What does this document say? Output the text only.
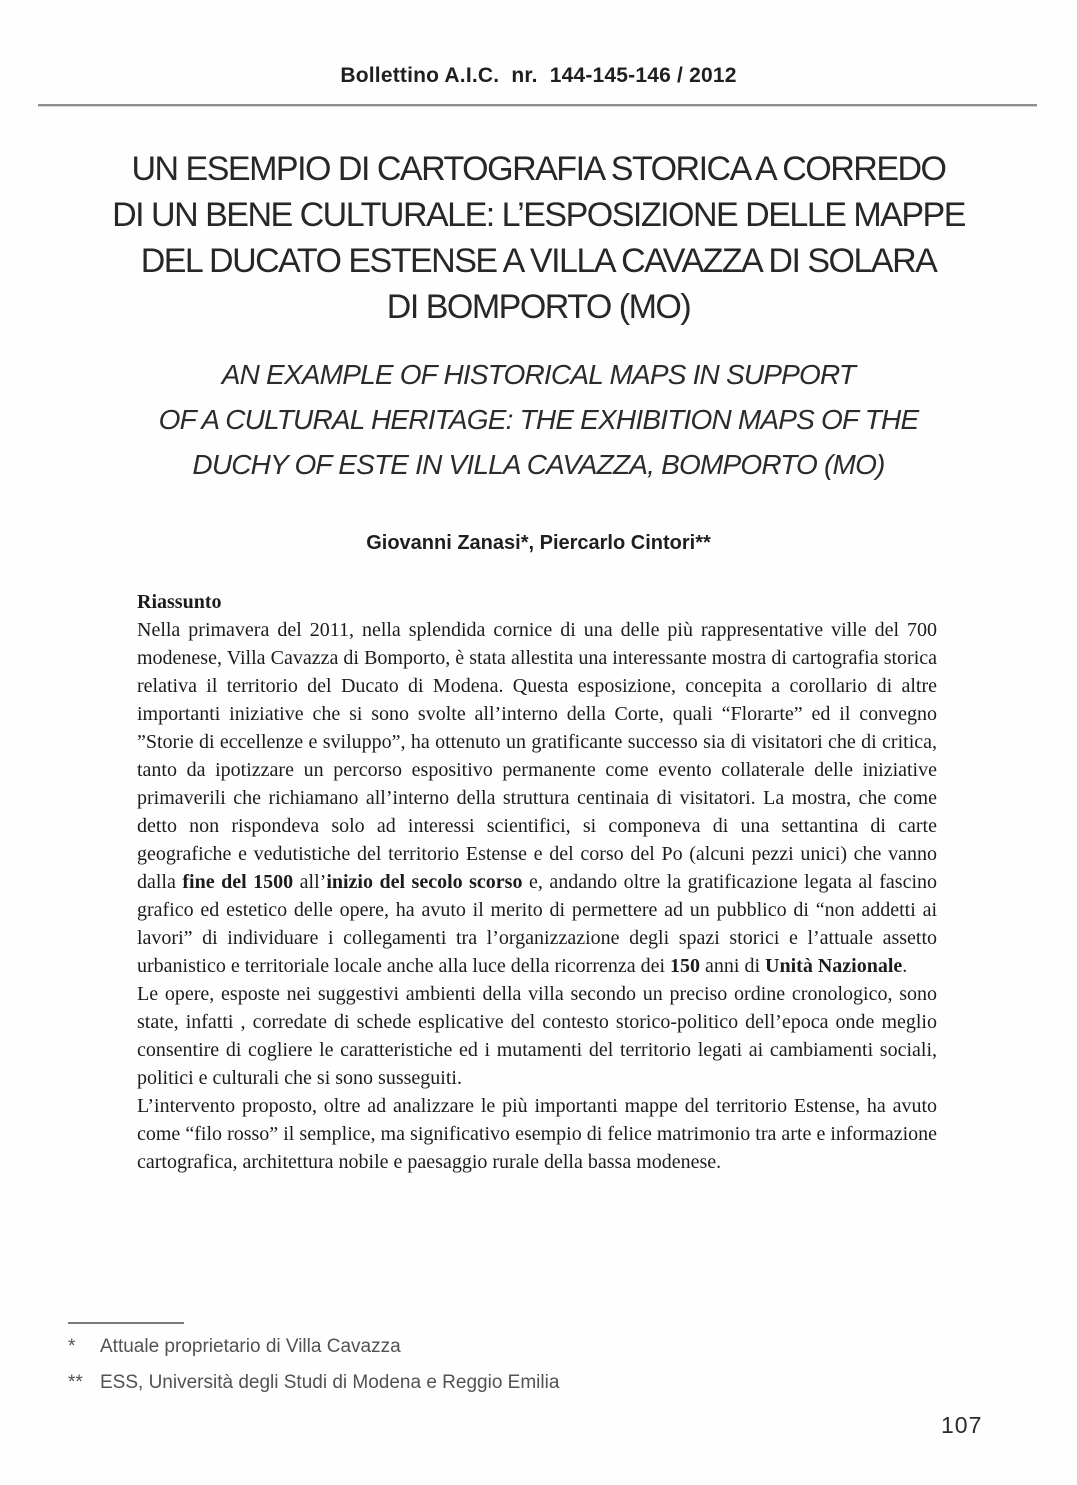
Bollettino A.I.C.  nr.  144-145-146 / 2012
UN ESEMPIO DI CARTOGRAFIA STORICA A CORREDO
DI UN BENE CULTURALE: L’ESPOSIZIONE DELLE MAPPE
DEL DUCATO ESTENSE A VILLA CAVAZZA DI SOLARA
DI BOMPORTO (MO)
AN EXAMPLE OF HISTORICAL MAPS IN SUPPORT
OF A CULTURAL HERITAGE: THE EXHIBITION MAPS OF THE
DUCHY OF ESTE IN VILLA CAVAZZA, BOMPORTO (MO)
Giovanni Zanasi*, Piercarlo Cintori**
Riassunto

Nella primavera del 2011, nella splendida cornice di una delle più rappresentative ville del 700 modenese, Villa Cavazza di Bomporto, è stata allestita una interessante mostra di cartografia storica relativa il territorio del Ducato di Modena. Questa esposizione, concepita a corollario di altre importanti iniziative che si sono svolte all’interno della Corte, quali “Florarte” ed il convegno ”Storie di eccellenze e sviluppo”, ha ottenuto un gratificante successo sia di visitatori che di critica, tanto da ipotizzare un percorso espositivo permanente come evento collaterale delle iniziative primaverili che richiamano all’interno della struttura centinaia di visitatori. La mostra, che come detto non rispondeva solo ad interessi scientifici, si componeva di una settantina di carte geografiche e vedutistiche del territorio Estense e del corso del Po (alcuni pezzi unici) che vanno dalla fine del 1500 all’inizio del secolo scorso e, andando oltre la gratificazione legata al fascino grafico ed estetico delle opere, ha avuto il merito di permettere ad un pubblico di “non addetti ai lavori” di individuare i collegamenti tra l’organizzazione degli spazi storici e l’attuale assetto urbanistico e territoriale locale anche alla luce della ricorrenza dei 150 anni di Unità Nazionale.

Le opere, esposte nei suggestivi ambienti della villa secondo un preciso ordine cronologico, sono state, infatti , corredate di schede esplicative del contesto storico-politico dell’epoca onde meglio consentire di cogliere le caratteristiche ed i mutamenti del territorio legati ai cambiamenti sociali, politici e culturali che si sono susseguiti.

L’intervento proposto, oltre ad analizzare le più importanti mappe del territorio Estense, ha avuto come “filo rosso” il semplice, ma significativo esempio di felice matrimonio tra arte e informazione cartografica, architettura nobile e paesaggio rurale della bassa modenese.

*	Attuale proprietario di Villa Cavazza
** ESS, Università degli Studi di Modena e Reggio Emilia
107
